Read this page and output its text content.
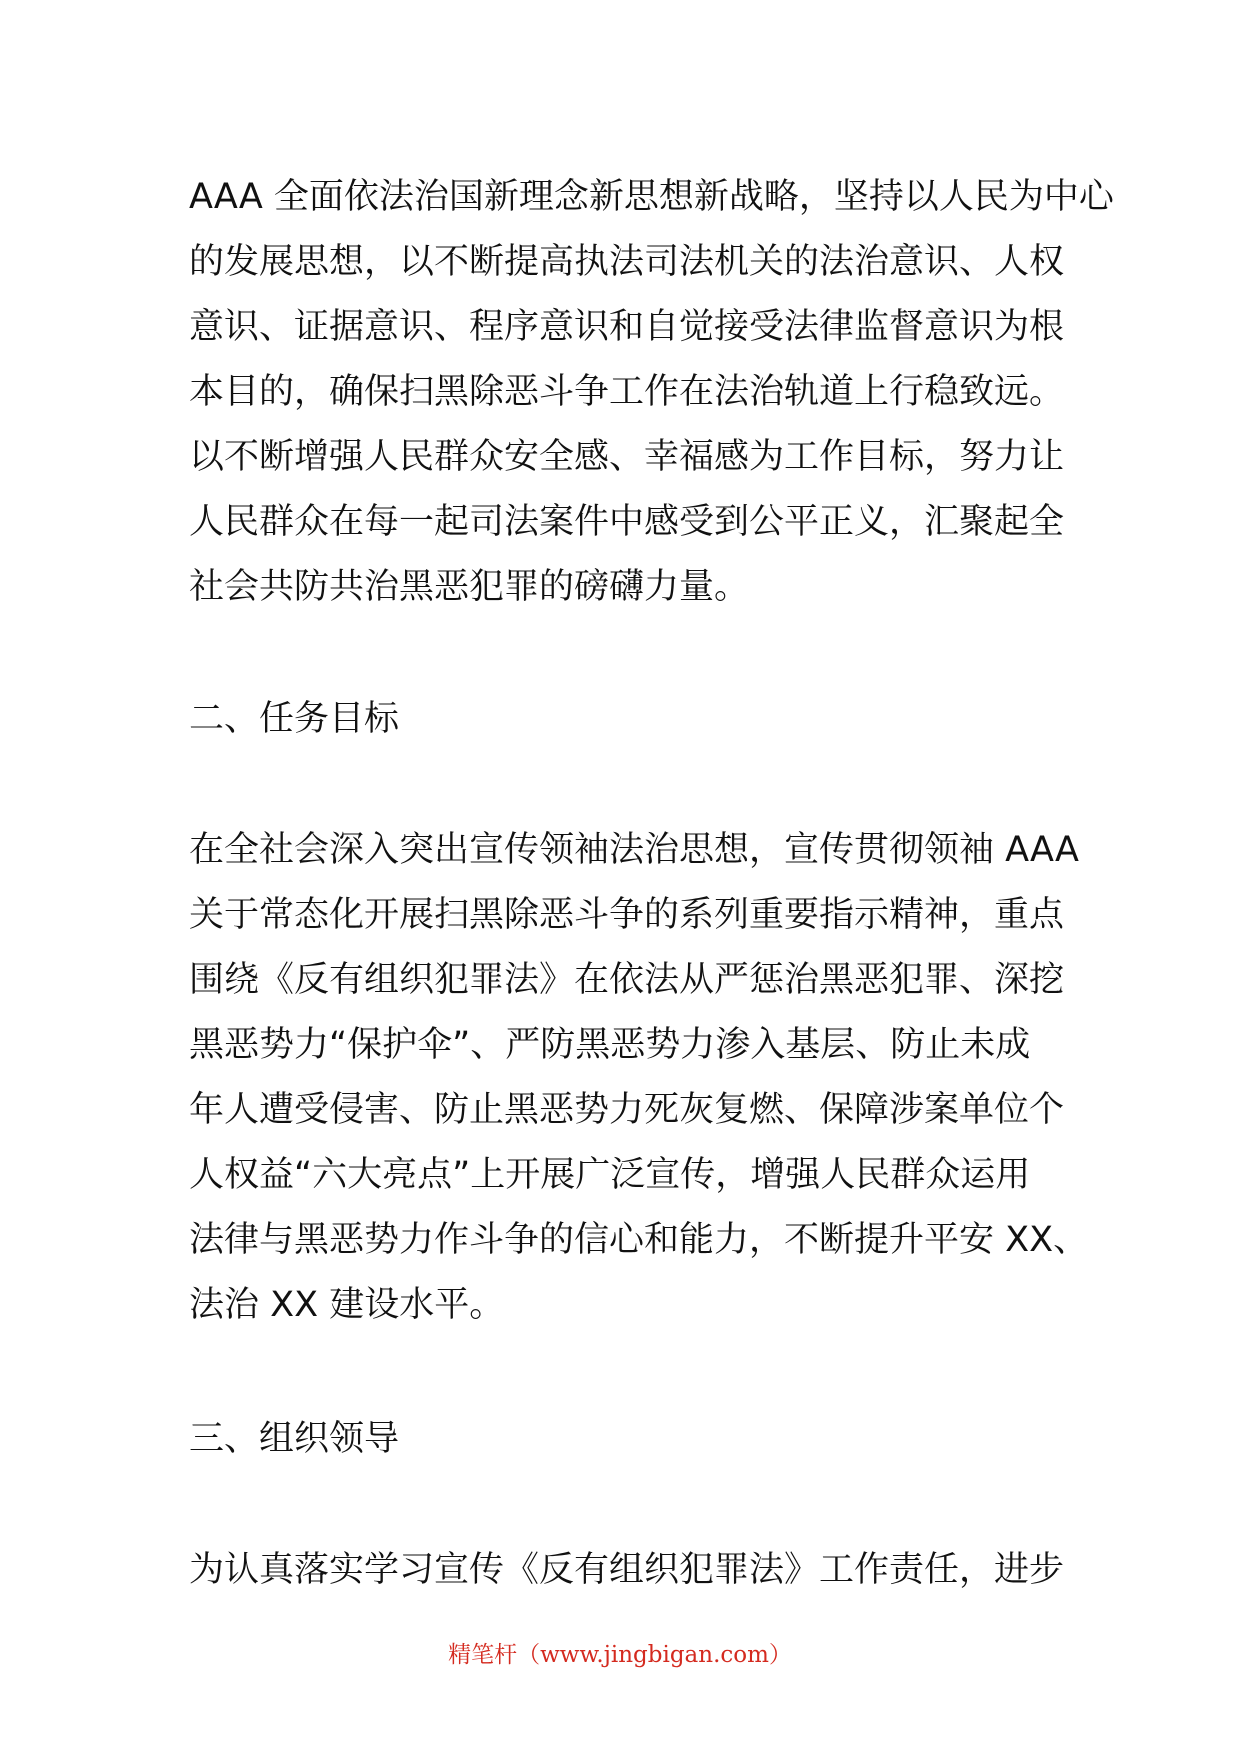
AAA 全面依法治国新理念新思想新战略，坚持以人民为中心
的发展思想，以不断提高执法司法机关的法治意识、人权
意识、证据意识、程序意识和自觉接受法律监督意识为根
本目的，确保扫黑除恶斗争工作在法治轨道上行稳致远。
以不断增强人民群众安全感、幸福感为工作目标，努力让
人民群众在每一起司法案件中感受到公平正义，汇聚起全
社会共防共治黑恶犯罪的磅礴力量。
二、任务目标
在全社会深入突出宣传领袖法治思想，宣传贯彻领袖 AAA
关于常态化开展扫黑除恶斗争的系列重要指示精神，重点
围绕《反有组织犯罪法》在依法从严惩治黑恶犯罪、深挖
黑恶势力“保护伞”、严防黑恶势力渗入基层、防止未成
年人遭受侵害、防止黑恶势力死灰复燃、保障涉案单位个
人权益“六大亮点”上开展广泛宣传，增强人民群众运用
法律与黑恶势力作斗争的信心和能力，不断提升平安 XX、
法治 XX 建设水平。
三、组织领导
为认真落实学习宣传《反有组织犯罪法》工作责任，进步
精笔杆（www.jingbigan.com）
